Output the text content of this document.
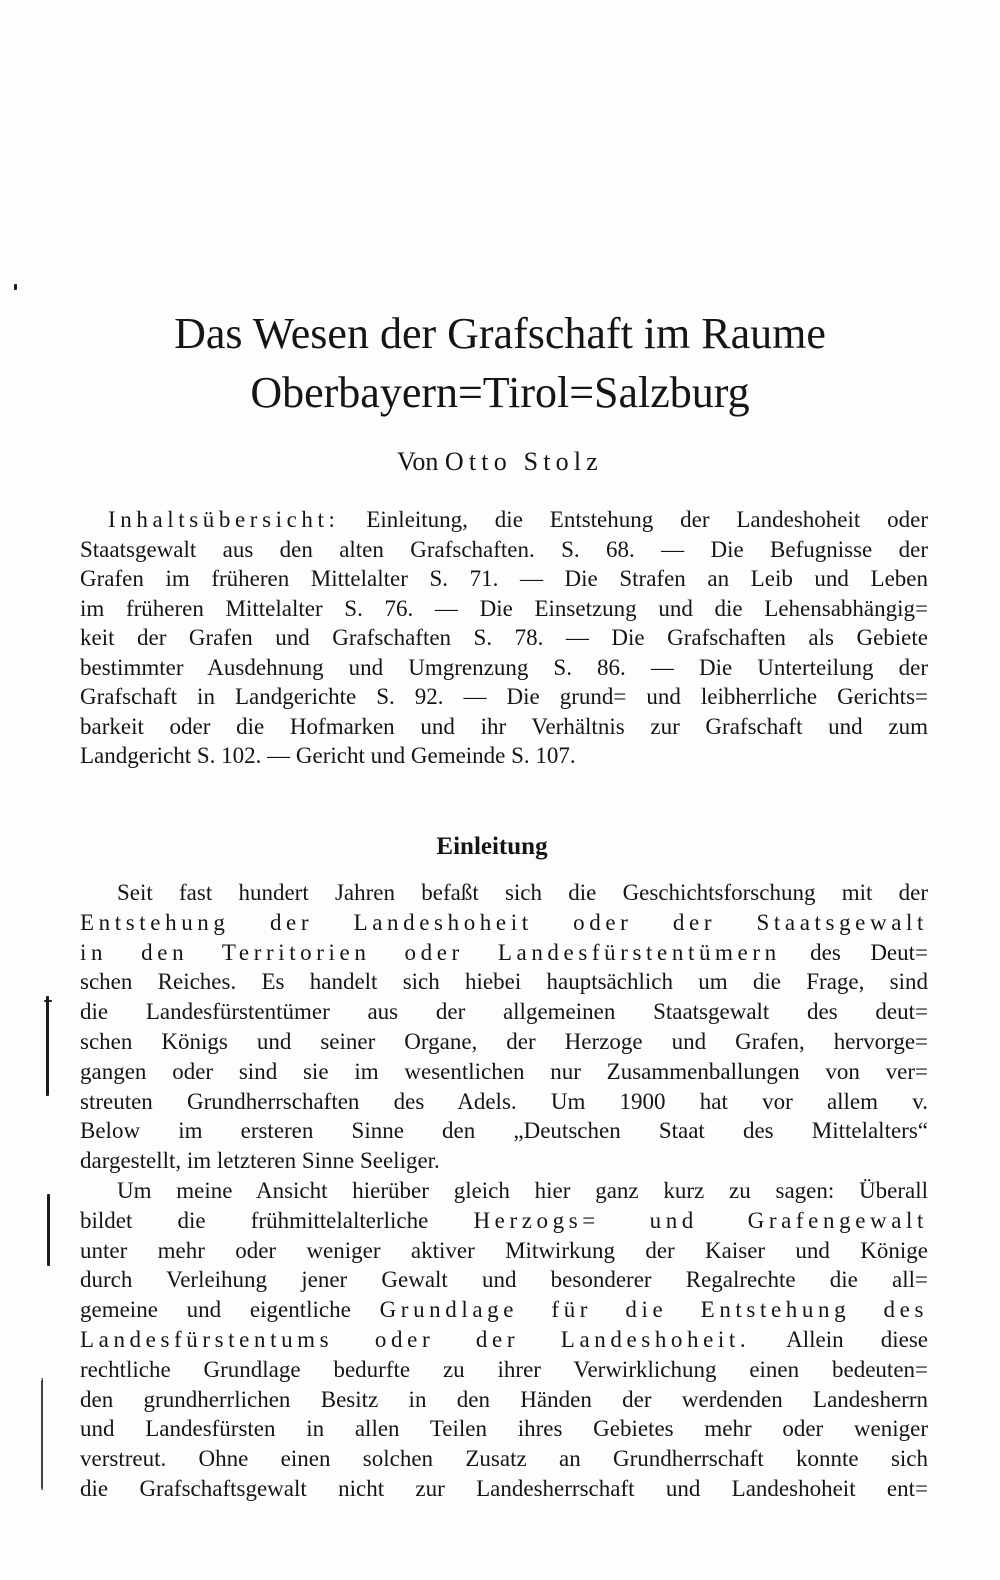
Das Wesen der Grafschaft im Raume
Oberbayern=Tirol=Salzburg
Von Otto Stolz
Inhaltsübersicht: Einleitung, die Entstehung der Landeshoheit oder
Staatsgewalt aus den alten Grafschaften. S. 68. — Die Befugnisse der
Grafen im früheren Mittelalter S. 71. — Die Strafen an Leib und Leben
im früheren Mittelalter S. 76. — Die Einsetzung und die Lehensabhängig=
keit der Grafen und Grafschaften S. 78. — Die Grafschaften als Gebiete
bestimmter Ausdehnung und Umgrenzung S. 86. — Die Unterteilung der
Grafschaft in Landgerichte S. 92. — Die grund= und leibherrliche Gerichts=
barkeit oder die Hofmarken und ihr Verhältnis zur Grafschaft und zum
Landgericht S. 102. — Gericht und Gemeinde S. 107.
Einleitung
Seit fast hundert Jahren befaßt sich die Geschichtsforschung mit der
Entstehung der Landeshoheit oder der Staatsgewalt
in den Territorien oder Landesfürstentümern des Deut=
schen Reiches. Es handelt sich hiebei hauptsächlich um die Frage, sind
die Landesfürstentümer aus der allgemeinen Staatsgewalt des deut=
schen Königs und seiner Organe, der Herzoge und Grafen, hervorge=
gangen oder sind sie im wesentlichen nur Zusammenballungen von ver=
streuten Grundherrschaften des Adels. Um 1900 hat vor allem v.
Below im ersteren Sinne den „Deutschen Staat des Mittelalters“
dargestellt, im letzteren Sinne Seeliger.
Um meine Ansicht hierüber gleich hier ganz kurz zu sagen: Überall
bildet die frühmittelalterliche Herzogs= und Grafengewalt
unter mehr oder weniger aktiver Mitwirkung der Kaiser und Könige
durch Verleihung jener Gewalt und besonderer Regalrechte die all=
gemeine und eigentliche Grundlage für die Entstehung des
Landesfürstentums oder der Landeshoheit. Allein diese
rechtliche Grundlage bedurfte zu ihrer Verwirklichung einen bedeuten=
den grundherrlichen Besitz in den Händen der werdenden Landesherrn
und Landesfürsten in allen Teilen ihres Gebietes mehr oder weniger
verstreut. Ohne einen solchen Zusatz an Grundherrschaft konnte sich
die Grafschaftsgewalt nicht zur Landesherrschaft und Landeshoheit ent=
